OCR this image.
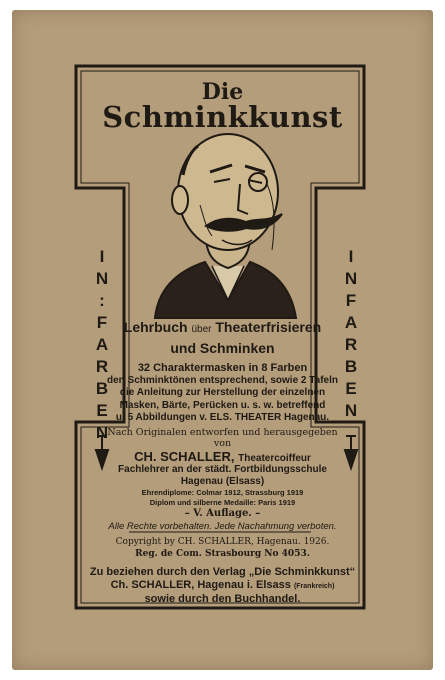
Die
Schminkkunst
I
N
:
F
A
R
B
E
N
I
N
F
A
R
B
E
N
Lehrbuch über Theaterfrisieren
und Schminken
32 Charaktermasken in 8 Farben
den Schminktönen entsprechend, sowie 2 Tafeln
die Anleitung zur Herstellung der einzelnen
Masken, Bärte, Perücken u. s. w. betreffend
u. 5 Abbildungen v. ELS. THEATER Hagenau.
Nach Originalen entworfen und herausgegeben
von
CH. SCHALLER, Theatercoiffeur
Fachlehrer an der städt. Fortbildungsschule
Hagenau (Elsass)
Ehrendiplome: Colmar 1912, Strassburg 1919
Diplom und silberne Medaille: Paris 1919
– V. Auflage. –
Alle Rechte vorbehalten. Jede Nachahmung verboten.
Copyright by CH. SCHALLER, Hagenau. 1926.
Reg. de Com. Strasbourg No 4053.
Zu beziehen durch den Verlag „Die Schminkkunst“
Ch. SCHALLER, Hagenau i. Elsass (Frankreich)
sowie durch den Buchhandel.
